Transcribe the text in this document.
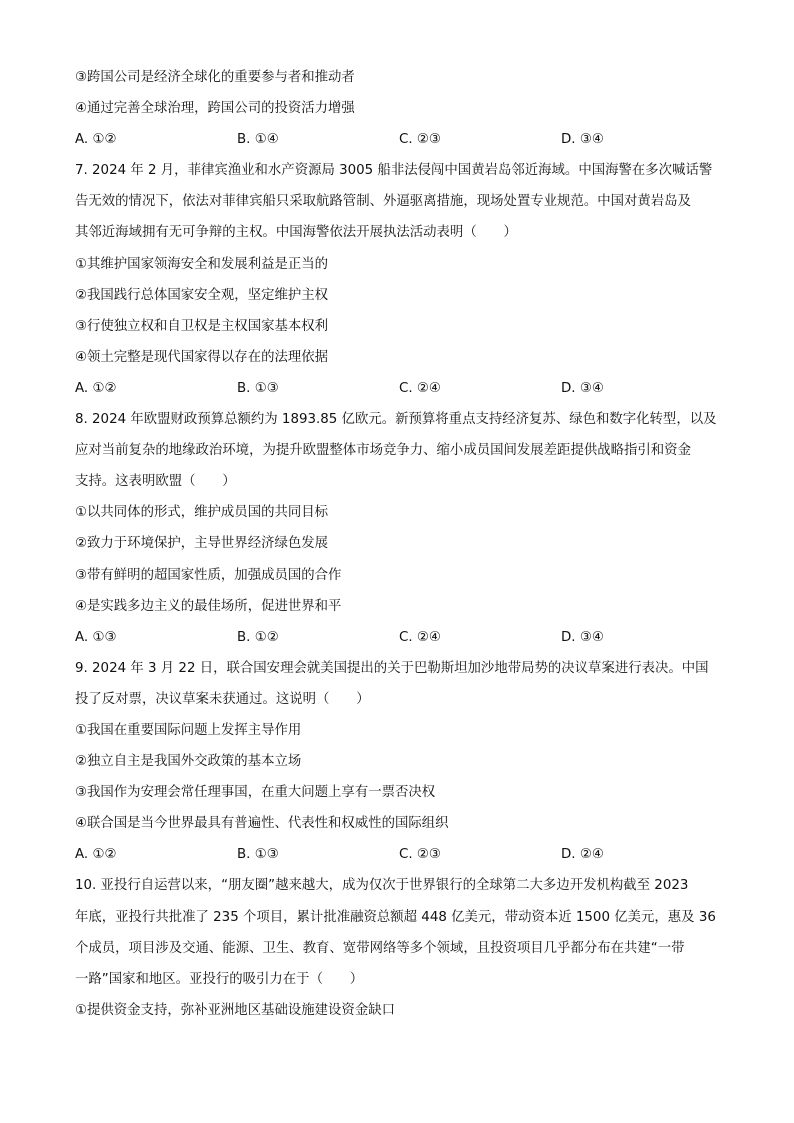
③跨国公司是经济全球化的重要参与者和推动者
④通过完善全球治理，跨国公司的投资活力增强
A. ①②	B. ①④	C. ②③	D. ③④
7. 2024 年 2 月，菲律宾渔业和水产资源局 3005 船非法侵闯中国黄岩岛邻近海域。中国海警在多次喊话警
告无效的情况下，依法对菲律宾船只采取航路管制、外逼驱离措施，现场处置专业规范。中国对黄岩岛及
其邻近海域拥有无可争辩的主权。中国海警依法开展执法活动表明（　　）
①其维护国家领海安全和发展利益是正当的
②我国践行总体国家安全观，坚定维护主权
③行使独立权和自卫权是主权国家基本权利
④领土完整是现代国家得以存在的法理依据
A. ①②	B. ①③	C. ②④	D. ③④
8. 2024 年欧盟财政预算总额约为 1893.85 亿欧元。新预算将重点支持经济复苏、绿色和数字化转型，以及
应对当前复杂的地缘政治环境，为提升欧盟整体市场竞争力、缩小成员国间发展差距提供战略指引和资金
支持。这表明欧盟（　　）
①以共同体的形式，维护成员国的共同目标
②致力于环境保护，主导世界经济绿色发展
③带有鲜明的超国家性质，加强成员国的合作
④是实践多边主义的最佳场所，促进世界和平
A. ①③	B. ①②	C. ②④	D. ③④
9. 2024 年 3 月 22 日，联合国安理会就美国提出的关于巴勒斯坦加沙地带局势的决议草案进行表决。中国
投了反对票，决议草案未获通过。这说明（　　）
①我国在重要国际问题上发挥主导作用
②独立自主是我国外交政策的基本立场
③我国作为安理会常任理事国，在重大问题上享有一票否决权
④联合国是当今世界最具有普遍性、代表性和权威性的国际组织
A. ①②	B. ①③	C. ②③	D. ②④
10. 亚投行自运营以来，“朋友圈”越来越大，成为仅次于世界银行的全球第二大多边开发机构截至 2023
年底，亚投行共批准了 235 个项目，累计批准融资总额超 448 亿美元，带动资本近 1500 亿美元，惠及 36
个成员，项目涉及交通、能源、卫生、教育、宽带网络等多个领域，且投资项目几乎都分布在共建“一带
一路”国家和地区。亚投行的吸引力在于（　　）
①提供资金支持，弥补亚洲地区基础设施建设资金缺口
